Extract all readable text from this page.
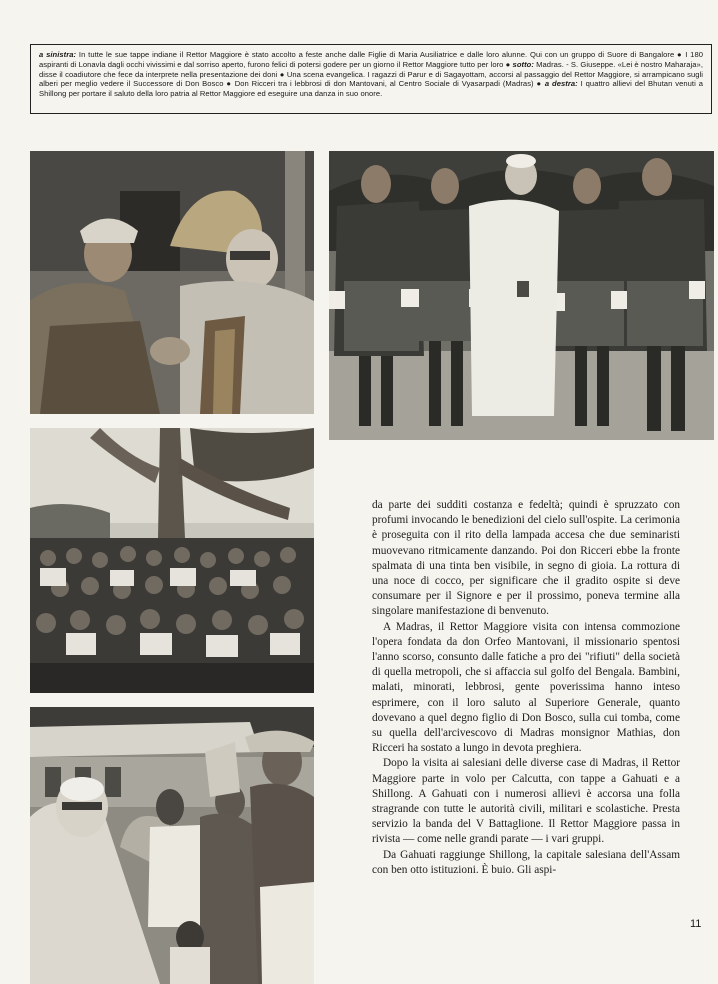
a sinistra: In tutte le sue tappe indiane il Rettor Maggiore è stato accolto a feste anche dalle Figlie di Maria Ausiliatrice e dalle loro alunne. Qui con un gruppo di Suore di Bangalore ● I 180 aspiranti di Lonavla dagli occhi vivissimi e dal sorriso aperto, furono felici di potersi godere per un giorno il Rettor Maggiore tutto per loro ● sotto: Madras. - S. Giuseppe. «Lei è nostro Maharaja», disse il coadiutore che fece da interprete nella presentazione dei doni ● Una scena evangelica. I ragazzi di Parur e di Sagayottam, accorsi al passaggio del Rettor Maggiore, si arrampicano sugli alberi per meglio vedere il Successore di Don Bosco ● Don Ricceri tra i lebbrosi di don Mantovani, al Centro Sociale di Vyasarpadi (Madras) ● a destra: I quattro allievi del Bhutan venuti a Shillong per portare il saluto della loro patria al Rettor Maggiore ed eseguire una danza in suo onore.

da parte dei sudditi costanza e fedeltà; quindi è spruzzato con profumi invocando le benedizioni del cielo sull'ospite. La cerimonia è proseguita con il rito della lampada accesa che due seminaristi muovevano ritmicamente danzando. Poi don Ricceri ebbe la fronte spalmata di una tinta ben visibile, in segno di gioia. La rottura di una noce di cocco, per significare che il gradito ospite si deve consumare per il Signore e per il prossimo, poneva termine alla singolare manifestazione di benvenuto.

A Madras, il Rettor Maggiore visita con intensa commozione l'opera fondata da don Orfeo Mantovani, il missionario spentosi l'anno scorso, consunto dalle fatiche a pro dei "rifiuti" della società di quella metropoli, che si affaccia sul golfo del Bengala. Bambini, malati, minorati, lebbrosi, gente poverissima hanno inteso esprimere, con il loro saluto al Superiore Generale, quanto dovevano a quel degno figlio di Don Bosco, sulla cui tomba, come su quella dell'arcivescovo di Madras monsignor Mathias, don Ricceri ha sostato a lungo in devota preghiera.

Dopo la visita ai salesiani delle diverse case di Madras, il Rettor Maggiore parte in volo per Calcutta, con tappe a Gahuati e a Shillong. A Gahuati con i numerosi allievi è accorsa una folla stragrande con tutte le autorità civili, militari e scolastiche. Presta servizio la banda del V Battaglione. Il Rettor Maggiore passa in rivista — come nelle grandi parate — i vari gruppi.

Da Gahuati raggiunge Shillong, la capitale salesiana dell'Assam con ben otto istituzioni. È buio. Gli aspi-

11
